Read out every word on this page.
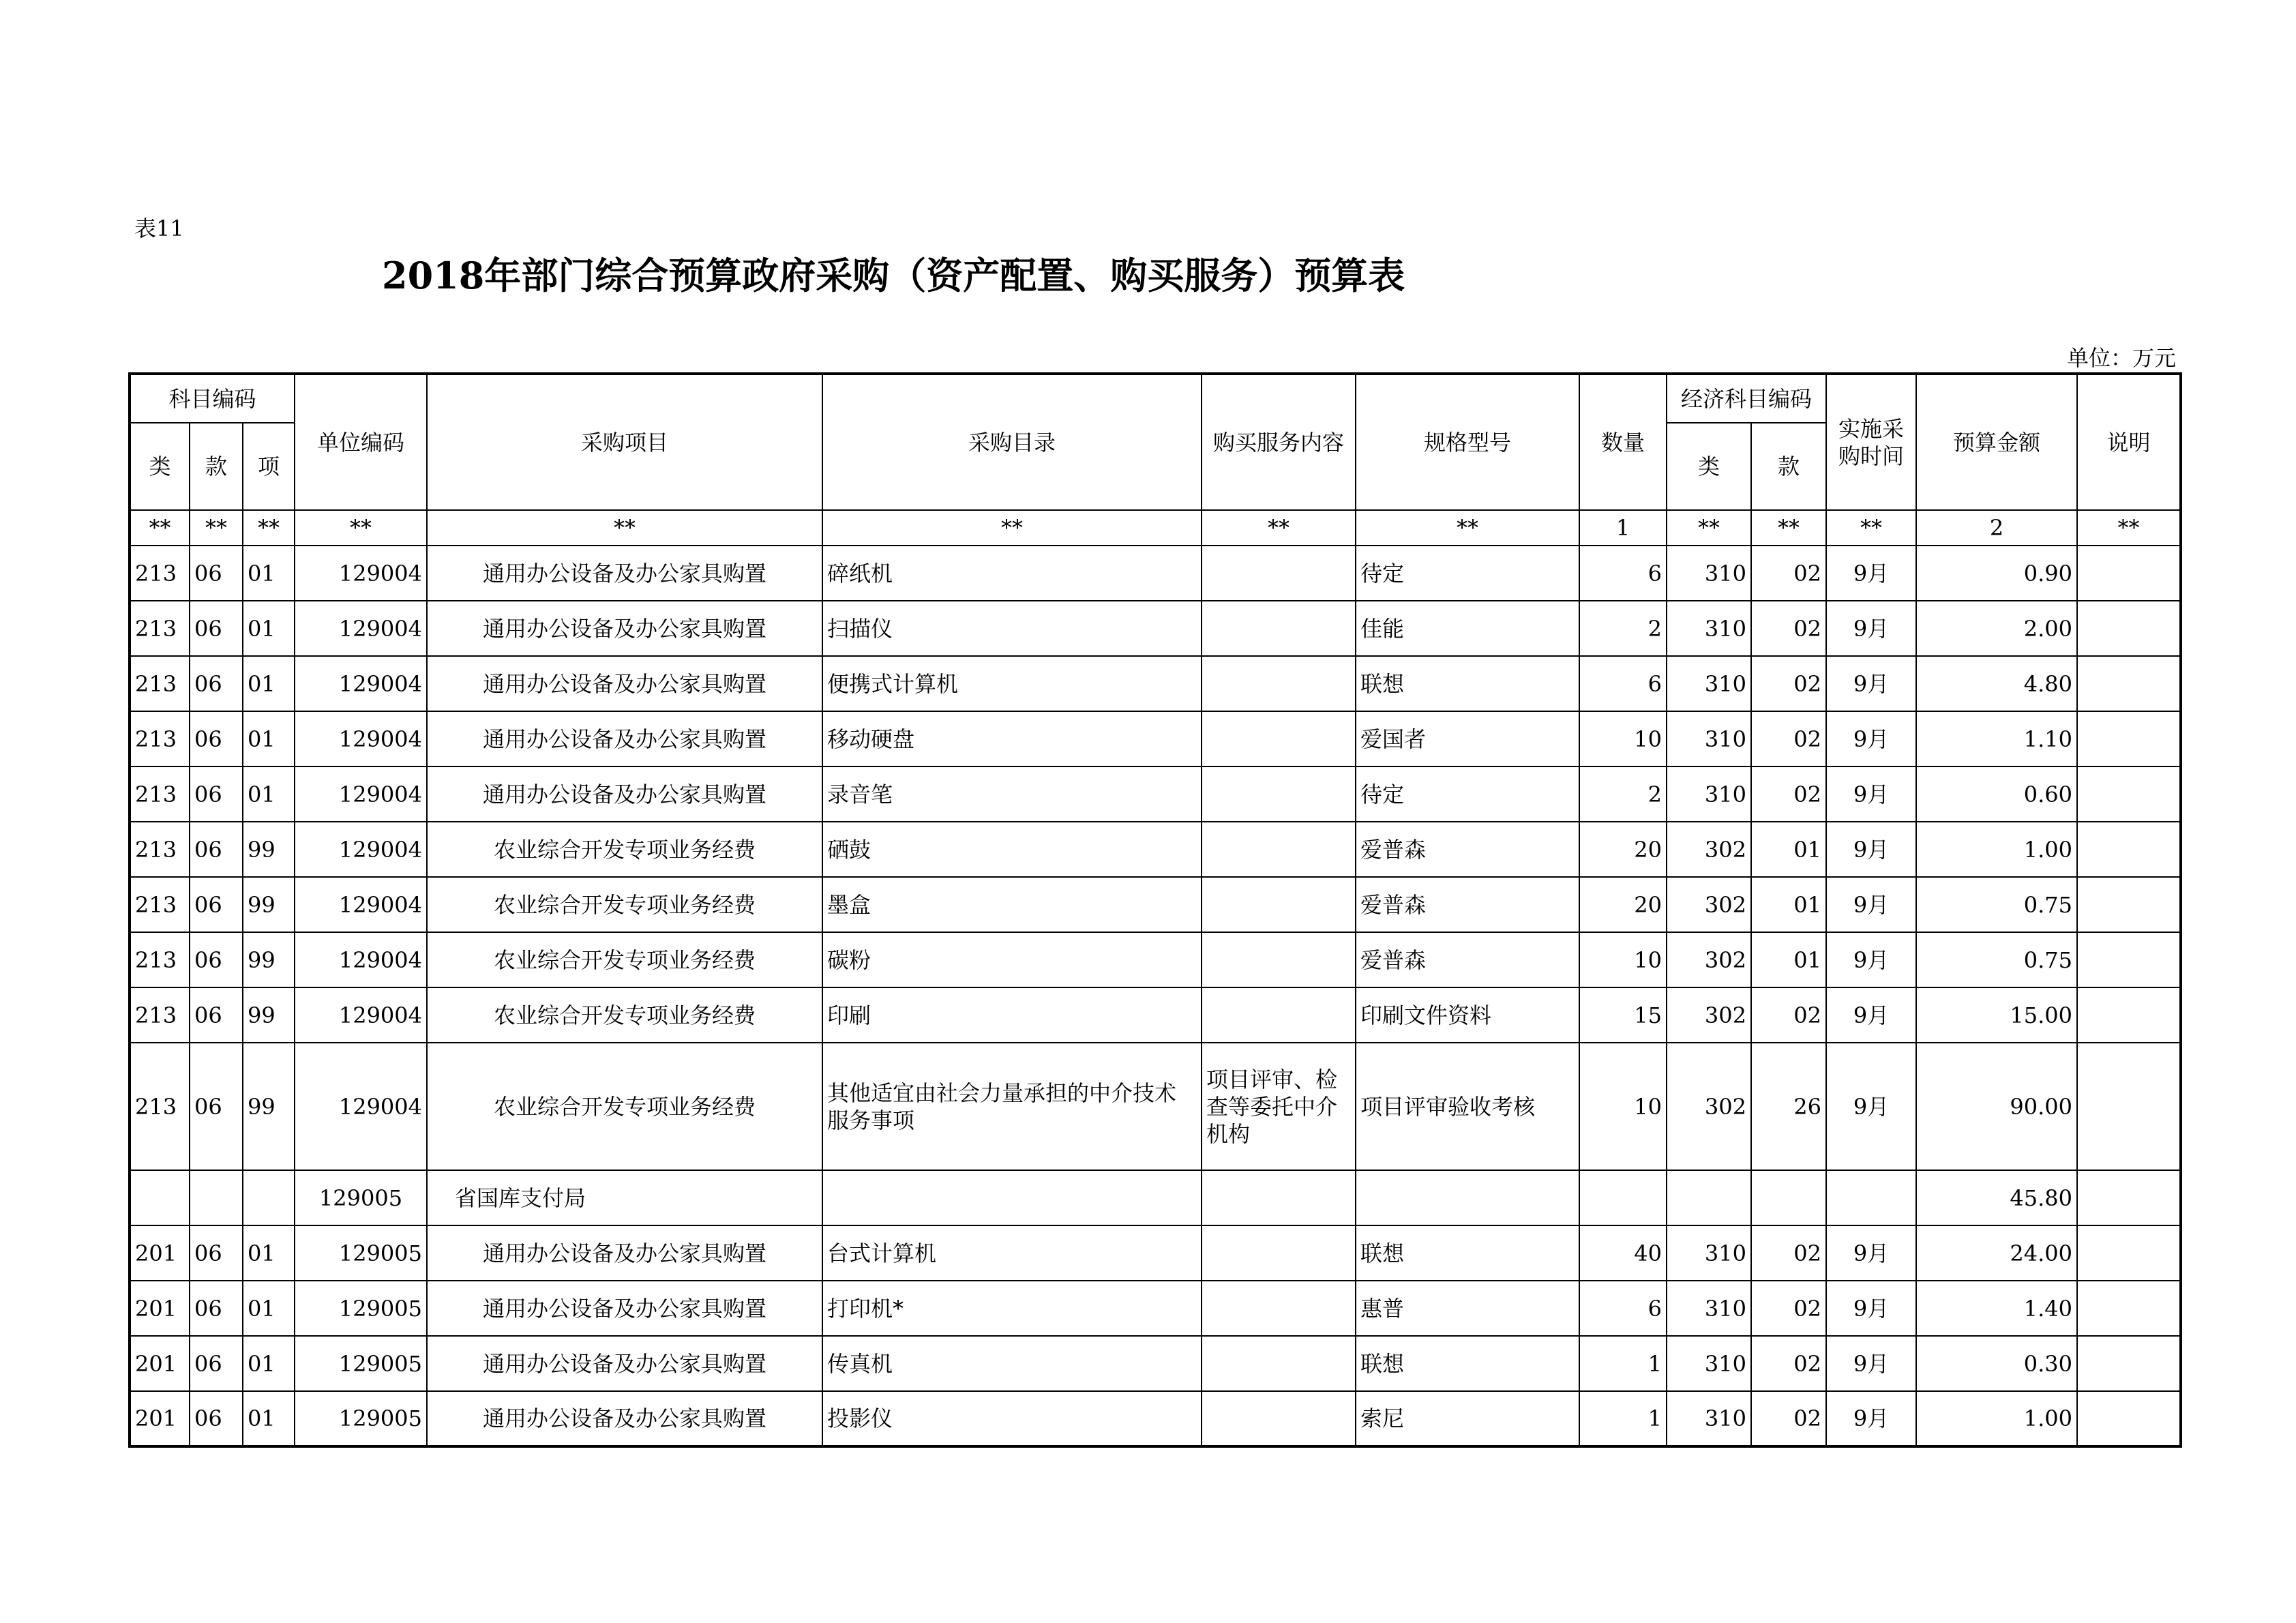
表11
2018年部门综合预算政府采购（资产配置、购买服务）预算表
单位：万元
科目编码			单位编码	采购项目	采购目录	购买服务内容	规格型号	数量	经济科目编码		实施采购时间	预算金额	说明
类	款	项							类	款			
**	**	**	**	**	**	**	**	1	**	**	**	2	**
213	06	01	129004	通用办公设备及办公家具购置	碎纸机		待定	6	310	02	9月	0.90	
213	06	01	129004	通用办公设备及办公家具购置	扫描仪		佳能	2	310	02	9月	2.00	
213	06	01	129004	通用办公设备及办公家具购置	便携式计算机		联想	6	310	02	9月	4.80	
213	06	01	129004	通用办公设备及办公家具购置	移动硬盘		爱国者	10	310	02	9月	1.10	
213	06	01	129004	通用办公设备及办公家具购置	录音笔		待定	2	310	02	9月	0.60	
213	06	99	129004	农业综合开发专项业务经费	硒鼓		爱普森	20	302	01	9月	1.00	
213	06	99	129004	农业综合开发专项业务经费	墨盒		爱普森	20	302	01	9月	0.75	
213	06	99	129004	农业综合开发专项业务经费	碳粉		爱普森	10	302	01	9月	0.75	
213	06	99	129004	农业综合开发专项业务经费	印刷		印刷文件资料	15	302	02	9月	15.00	
213	06	99	129004	农业综合开发专项业务经费	其他适宜由社会力量承担的中介技术服务事项	项目评审、检查等委托中介机构	项目评审验收考核	10	302	26	9月	90.00	
			129005	省国库支付局								45.80	
201	06	01	129005	通用办公设备及办公家具购置	台式计算机		联想	40	310	02	9月	24.00	
201	06	01	129005	通用办公设备及办公家具购置	打印机*		惠普	6	310	02	9月	1.40	
201	06	01	129005	通用办公设备及办公家具购置	传真机		联想	1	310	02	9月	0.30	
201	06	01	129005	通用办公设备及办公家具购置	投影仪		索尼	1	310	02	9月	1.00	
